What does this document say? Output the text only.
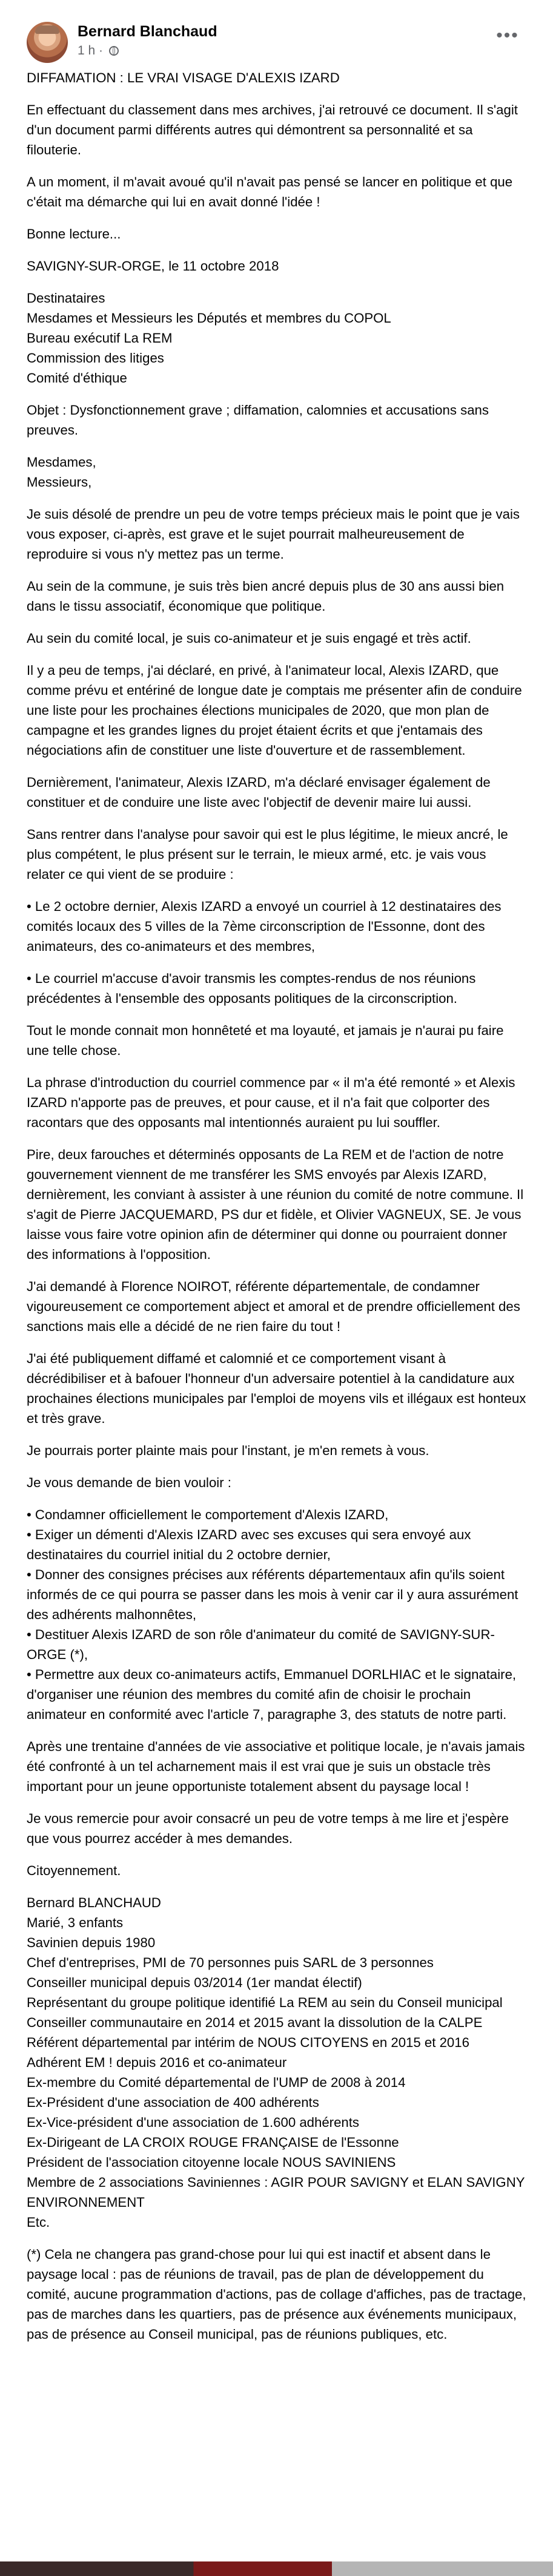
Bernard Blanchaud
1 h ·
•••

DIFFAMATION : LE VRAI VISAGE D'ALEXIS IZARD

En effectuant du classement dans mes archives, j'ai retrouvé ce document. Il s'agit d'un document parmi différents autres qui démontrent sa personnalité et sa filouterie.

A un moment, il m'avait avoué qu'il n'avait pas pensé se lancer en politique et que c'était ma démarche qui lui en avait donné l'idée !

Bonne lecture...

SAVIGNY-SUR-ORGE, le 11 octobre 2018

Destinataires
Mesdames et Messieurs les Députés et membres du COPOL
Bureau exécutif La REM
Commission des litiges
Comité d'éthique

Objet : Dysfonctionnement grave ; diffamation, calomnies et accusations sans preuves.

Mesdames,
Messieurs,

Je suis désolé de prendre un peu de votre temps précieux mais le point que je vais vous exposer, ci-après, est grave et le sujet pourrait malheureusement de reproduire si vous n'y mettez pas un terme.

Au sein de la commune, je suis très bien ancré depuis plus de 30 ans aussi bien dans le tissu associatif, économique que politique.

Au sein du comité local, je suis co-animateur et je suis engagé et très actif.

Il y a peu de temps, j'ai déclaré, en privé, à l'animateur local, Alexis IZARD, que comme prévu et entériné de longue date je comptais me présenter afin de conduire une liste pour les prochaines élections municipales de 2020, que mon plan de campagne et les grandes lignes du projet étaient écrits et que j'entamais des négociations afin de constituer une liste d'ouverture et de rassemblement.

Dernièrement, l'animateur, Alexis IZARD, m'a déclaré envisager également de constituer et de conduire une liste avec l'objectif de devenir maire lui aussi.

Sans rentrer dans l'analyse pour savoir qui est le plus légitime, le mieux ancré, le plus compétent, le plus présent sur le terrain, le mieux armé, etc. je vais vous relater ce qui vient de se produire :

• Le 2 octobre dernier, Alexis IZARD a envoyé un courriel à 12 destinataires des comités locaux des 5 villes de la 7ème circonscription de l'Essonne, dont des animateurs, des co-animateurs et des membres,

• Le courriel m'accuse d'avoir transmis les comptes-rendus de nos réunions précédentes à l'ensemble des opposants politiques de la circonscription.

Tout le monde connait mon honnêteté et ma loyauté, et jamais je n'aurai pu faire une telle chose.

La phrase d'introduction du courriel commence par « il m'a été remonté » et Alexis IZARD n'apporte pas de preuves, et pour cause, et il n'a fait que colporter des racontars que des opposants mal intentionnés auraient pu lui souffler.

Pire, deux farouches et déterminés opposants de La REM et de l'action de notre gouvernement viennent de me transférer les SMS envoyés par Alexis IZARD, dernièrement, les conviant à assister à une réunion du comité de notre commune. Il s'agit de Pierre JACQUEMARD, PS dur et fidèle, et Olivier VAGNEUX, SE. Je vous laisse vous faire votre opinion afin de déterminer qui donne ou pourraient donner des informations à l'opposition.

J'ai demandé à Florence NOIROT, référente départementale, de condamner vigoureusement ce comportement abject et amoral et de prendre officiellement des sanctions mais elle a décidé de ne rien faire du tout !

J'ai été publiquement diffamé et calomnié et ce comportement visant à décrédibiliser et à bafouer l'honneur d'un adversaire potentiel à la candidature aux prochaines élections municipales par l'emploi de moyens vils et illégaux est honteux et très grave.

Je pourrais porter plainte mais pour l'instant, je m'en remets à vous.

Je vous demande de bien vouloir :

• Condamner officiellement le comportement d'Alexis IZARD,
• Exiger un démenti d'Alexis IZARD avec ses excuses qui sera envoyé aux destinataires du courriel initial du 2 octobre dernier,
• Donner des consignes précises aux référents départementaux afin qu'ils soient informés de ce qui pourra se passer dans les mois à venir car il y aura assurément des adhérents malhonnêtes,
• Destituer Alexis IZARD de son rôle d'animateur du comité de SAVIGNY-SUR-ORGE (*),
• Permettre aux deux co-animateurs actifs, Emmanuel DORLHIAC et le signataire, d'organiser une réunion des membres du comité afin de choisir le prochain animateur en conformité avec l'article 7, paragraphe 3, des statuts de notre parti.

Après une trentaine d'années de vie associative et politique locale, je n'avais jamais été confronté à un tel acharnement mais il est vrai que je suis un obstacle très important pour un jeune opportuniste totalement absent du paysage local !

Je vous remercie pour avoir consacré un peu de votre temps à me lire et j'espère que vous pourrez accéder à mes demandes.

Citoyennement.

Bernard BLANCHAUD
Marié, 3 enfants
Savinien depuis 1980
Chef d'entreprises, PMI de 70 personnes puis SARL de 3 personnes
Conseiller municipal depuis 03/2014 (1er mandat électif)
Représentant du groupe politique identifié La REM au sein du Conseil municipal
Conseiller communautaire en 2014 et 2015 avant la dissolution de la CALPE
Référent départemental par intérim de NOUS CITOYENS en 2015 et 2016
Adhérent EM ! depuis 2016 et co-animateur
Ex-membre du Comité départemental de l'UMP de 2008 à 2014
Ex-Président d'une association de 400 adhérents
Ex-Vice-président d'une association de 1.600 adhérents
Ex-Dirigeant de LA CROIX ROUGE FRANÇAISE de l'Essonne
Président de l'association citoyenne locale NOUS SAVINIENS
Membre de 2 associations Saviniennes : AGIR POUR SAVIGNY et ELAN SAVIGNY ENVIRONNEMENT
Etc.

(*) Cela ne changera pas grand-chose pour lui qui est inactif et absent dans le paysage local : pas de réunions de travail, pas de plan de développement du comité, aucune programmation d'actions, pas de collage d'affiches, pas de tractage, pas de marches dans les quartiers, pas de présence aux événements municipaux, pas de présence au Conseil municipal, pas de réunions publiques, etc.
